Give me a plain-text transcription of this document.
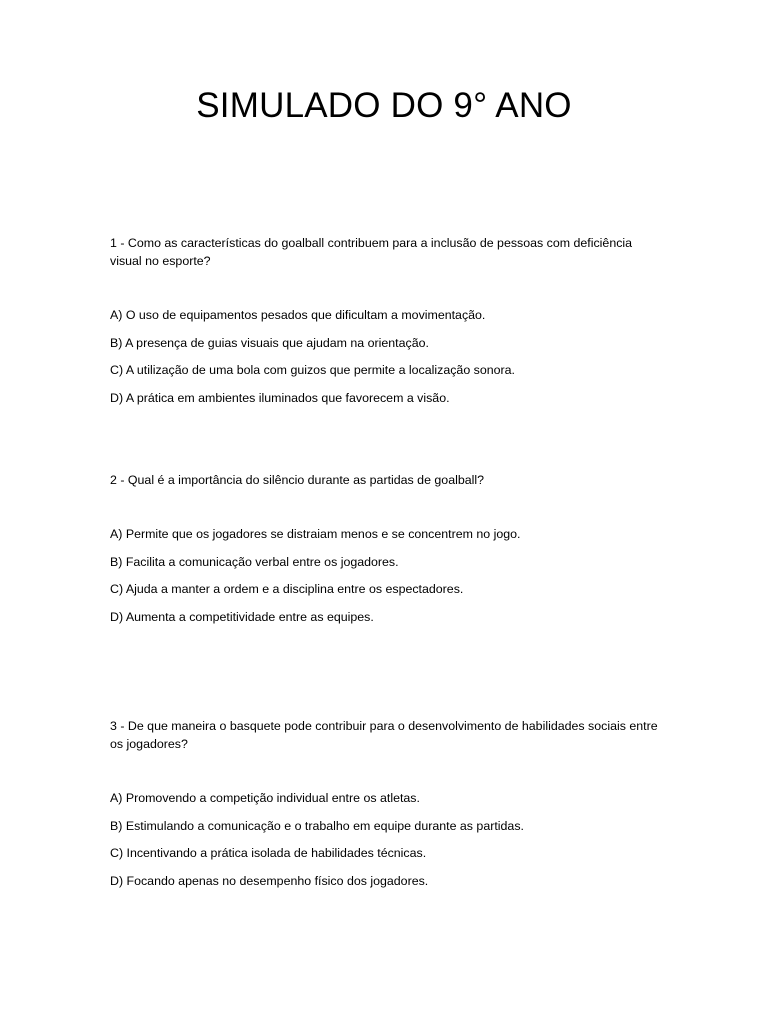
SIMULADO DO 9° ANO

1 - Como as características do goalball contribuem para a inclusão de pessoas com deficiência visual no esporte?

A) O uso de equipamentos pesados que dificultam a movimentação.
B) A presença de guias visuais que ajudam na orientação.
C) A utilização de uma bola com guizos que permite a localização sonora.
D) A prática em ambientes iluminados que favorecem a visão.

2 - Qual é a importância do silêncio durante as partidas de goalball?

A) Permite que os jogadores se distraiam menos e se concentrem no jogo.
B) Facilita a comunicação verbal entre os jogadores.
C) Ajuda a manter a ordem e a disciplina entre os espectadores.
D) Aumenta a competitividade entre as equipes.

3 - De que maneira o basquete pode contribuir para o desenvolvimento de habilidades sociais entre os jogadores?

A) Promovendo a competição individual entre os atletas.
B) Estimulando a comunicação e o trabalho em equipe durante as partidas.
C) Incentivando a prática isolada de habilidades técnicas.
D) Focando apenas no desempenho físico dos jogadores.
